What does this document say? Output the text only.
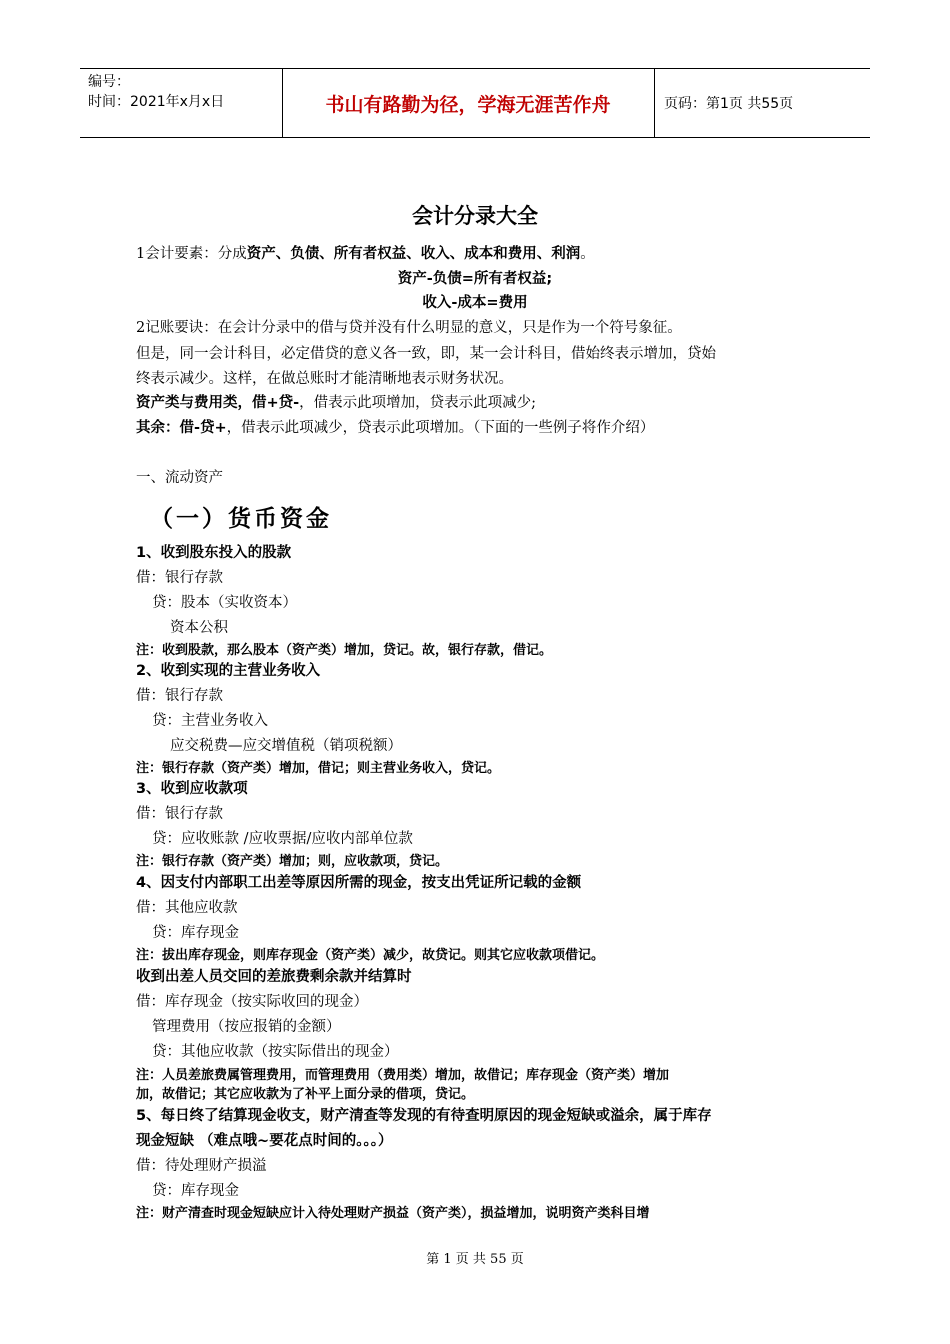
编号：
时间：2021年x月x日	书山有路勤为径，学海无涯苦作舟	页码：第1页 共55页
会计分录大全
1会计要素：分成资产、负债、所有者权益、收入、成本和费用、利润。
资产-负债=所有者权益;
收入-成本=费用
2记账要诀：在会计分录中的借与贷并没有什么明显的意义，只是作为一个符号象征。
但是，同一会计科目，必定借贷的意义各一致，即，某一会计科目，借始终表示增加，贷始
终表示减少。这样，在做总账时才能清晰地表示财务状况。
资产类与费用类，借+贷-，借表示此项增加，贷表示此项减少;
其余：借-贷+，借表示此项减少，贷表示此项增加。（下面的一些例子将作介绍）
一、流动资产
（一）货币资金
1、收到股东投入的股款
借：银行存款
贷：股本（实收资本）
资本公积
注：收到股款，那么股本（资产类）增加，贷记。故，银行存款，借记。
2、收到实现的主营业务收入
借：银行存款
贷：主营业务收入
应交税费—应交增值税（销项税额）
注：银行存款（资产类）增加，借记；则主营业务收入，贷记。
3、收到应收款项
借：银行存款
贷：应收账款 /应收票据/应收内部单位款
注：银行存款（资产类）增加；则，应收款项，贷记。
4、因支付内部职工出差等原因所需的现金，按支出凭证所记载的金额
借：其他应收款
贷：库存现金
注：拔出库存现金，则库存现金（资产类）减少，故贷记。则其它应收款项借记。
收到出差人员交回的差旅费剩余款并结算时
借：库存现金（按实际收回的现金）
管理费用（按应报销的金额）
贷：其他应收款（按实际借出的现金）
注：人员差旅费属管理费用，而管理费用（费用类）增加，故借记；库存现金（资产类）增加
加，故借记；其它应收款为了补平上面分录的借项，贷记。
5、每日终了结算现金收支，财产清查等发现的有待查明原因的现金短缺或溢余，属于库存
现金短缺 （难点哦~要花点时间的。。。）
借：待处理财产损溢
贷：库存现金
注：财产清查时现金短缺应计入待处理财产损益（资产类），损益增加，说明资产类科目增
第 1 页 共 55 页
